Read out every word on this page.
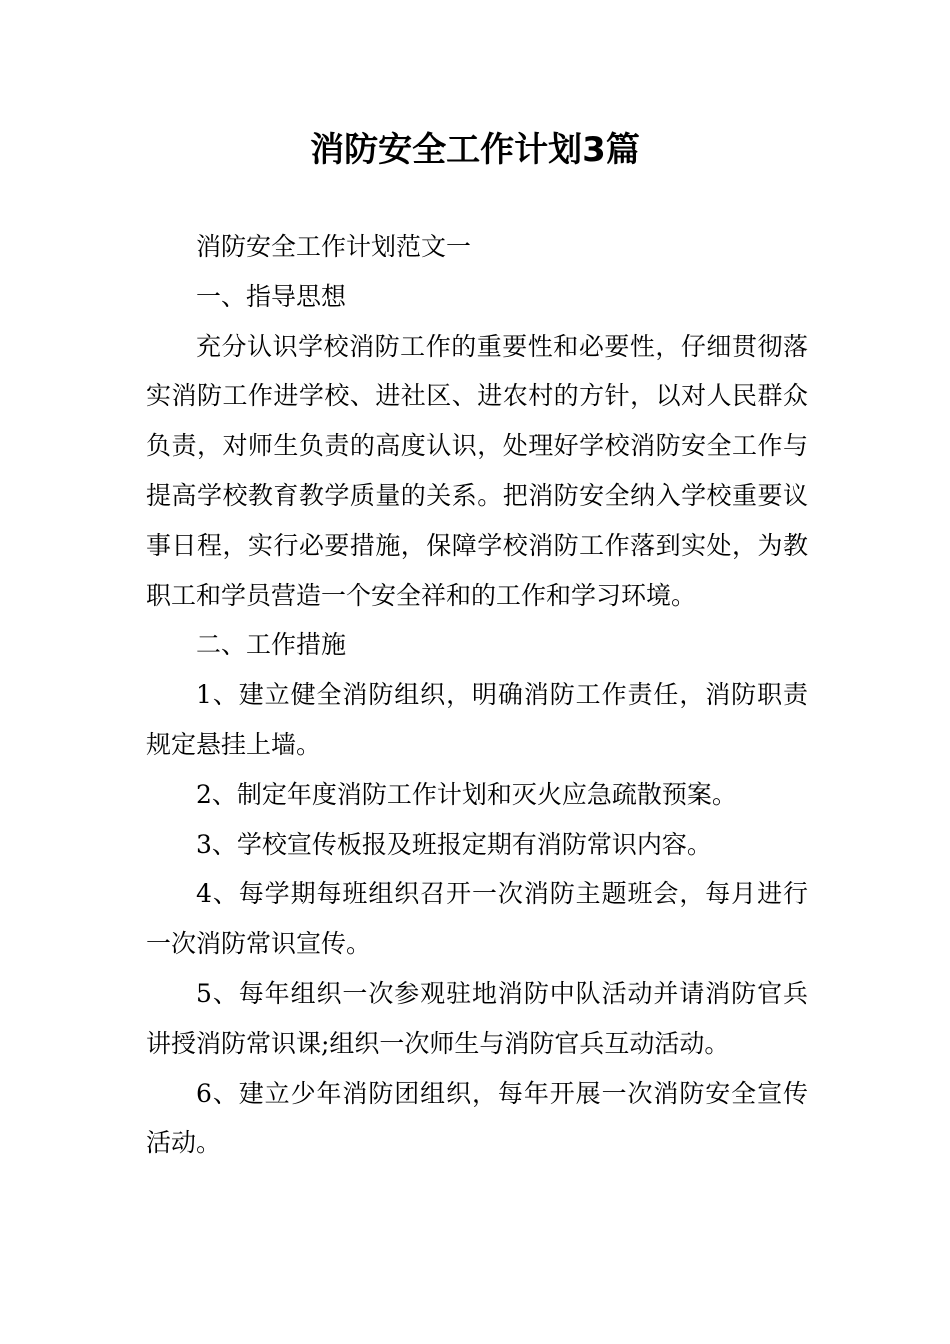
消防安全工作计划3篇

消防安全工作计划范文一

一、指导思想

充分认识学校消防工作的重要性和必要性，仔细贯彻落实消防工作进学校、进社区、进农村的方针，以对人民群众负责，对师生负责的高度认识，处理好学校消防安全工作与提高学校教育教学质量的关系。把消防安全纳入学校重要议事日程，实行必要措施，保障学校消防工作落到实处，为教职工和学员营造一个安全祥和的工作和学习环境。

二、工作措施

1、建立健全消防组织，明确消防工作责任，消防职责规定悬挂上墙。

2、制定年度消防工作计划和灭火应急疏散预案。

3、学校宣传板报及班报定期有消防常识内容。

4、每学期每班组织召开一次消防主题班会，每月进行一次消防常识宣传。

5、每年组织一次参观驻地消防中队活动并请消防官兵讲授消防常识课;组织一次师生与消防官兵互动活动。

6、建立少年消防团组织，每年开展一次消防安全宣传活动。
